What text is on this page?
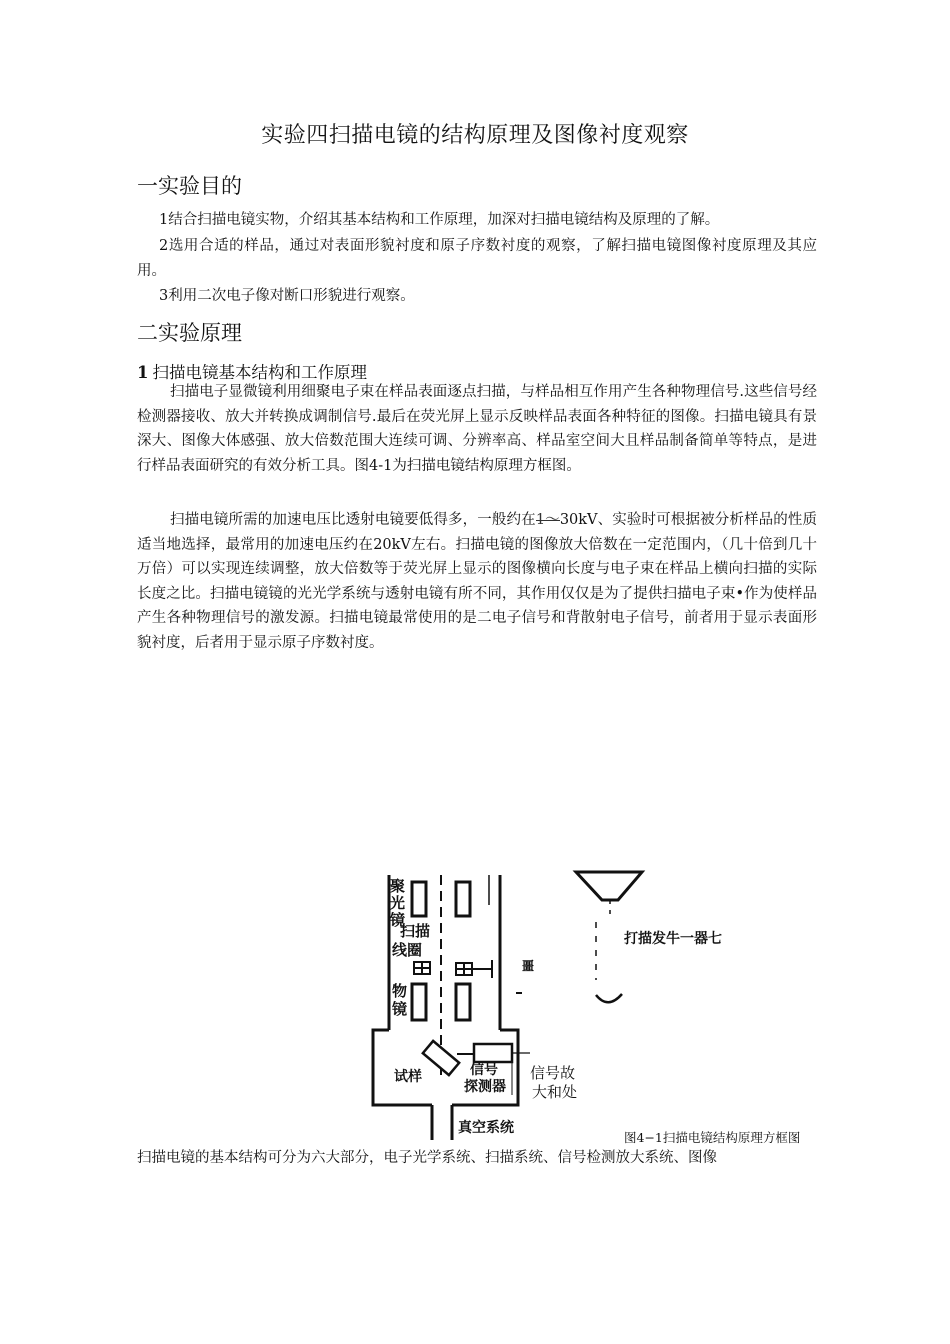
实验四扫描电镜的结构原理及图像衬度观察
一实验目的
1结合扫描电镜实物，介绍其基本结构和工作原理，加深对扫描电镜结构及原理的了解。
2选用合适的样品，通过对表面形貌衬度和原子序数衬度的观察，了解扫描电镜图像衬度原理及其应用。
3利用二次电子像对断口形貌进行观察。
二实验原理
1 扫描电镜基本结构和工作原理
扫描电子显微镜利用细聚电子束在样品表面逐点扫描，与样品相互作用产生各种物理信号.这些信号经检测器接收、放大并转换成调制信号.最后在荧光屏上显示反映样品表面各种特征的图像。扫描电镜具有景深大、图像大体感强、放大倍数范围大连续可调、分辨率高、样品室空间大且样品制备简单等特点，是进行样品表面研究的有效分析工具。图4-1为扫描电镜结构原理方框图。
扫描电镜所需的加速电压比透射电镜要低得多，一般约在1～30kV、实验时可根据被分析样品的性质适当地选择，最常用的加速电压约在20kV左右。扫描电镜的图像放大倍数在一定范围内，（几十倍到几十万倍）可以实现连续调整，放大倍数等于荧光屏上显示的图像横向长度与电子束在样品上横向扫描的实际长度之比。扫描电镜镜的光光学系统与透射电镜有所不同，其作用仅仅是为了提供扫描电子束•作为使样品产生各种物理信号的激发源。扫描电镜最常使用的是二电子信号和背散射电子信号，前者用于显示表面形貌衬度，后者用于显示原子序数衬度。
聚
光
镜
扫描
线圈
物
镜
打描发牛一器七
噩
试样	信号
探测器
信号故
大和处
真空系统
图4−1扫描电镜结构原理方框图
扫描电镜的基本结构可分为六大部分，电子光学系统、扫描系统、信号检测放大系统、图像
